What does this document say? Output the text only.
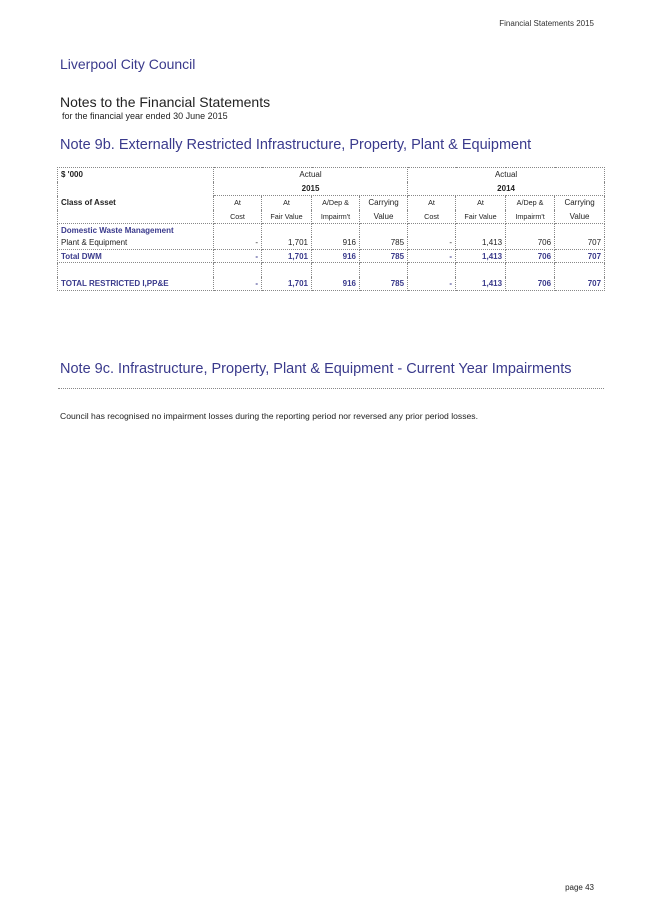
Financial Statements 2015
Liverpool City Council
Notes to the Financial Statements
for the financial year ended 30 June 2015
Note 9b. Externally Restricted Infrastructure, Property, Plant & Equipment
$ '000	Actual				Actual			
	2015				2014			
Class of Asset	At	At	A/Dep &	Carrying	At	At	A/Dep &	Carrying
	Cost	Fair Value	Impairm't	Value	Cost	Fair Value	Impairm't	Value
Domestic Waste Management								
Plant & Equipment	-	1,701	916	785	-	1,413	706	707
Total DWM	-	1,701	916	785	-	1,413	706	707

TOTAL RESTRICTED I,PP&E	-	1,701	916	785	-	1,413	706	707
Note 9c. Infrastructure, Property, Plant & Equipment - Current Year Impairments
Council has recognised no impairment losses during the reporting period nor reversed any prior period losses.
page 43
